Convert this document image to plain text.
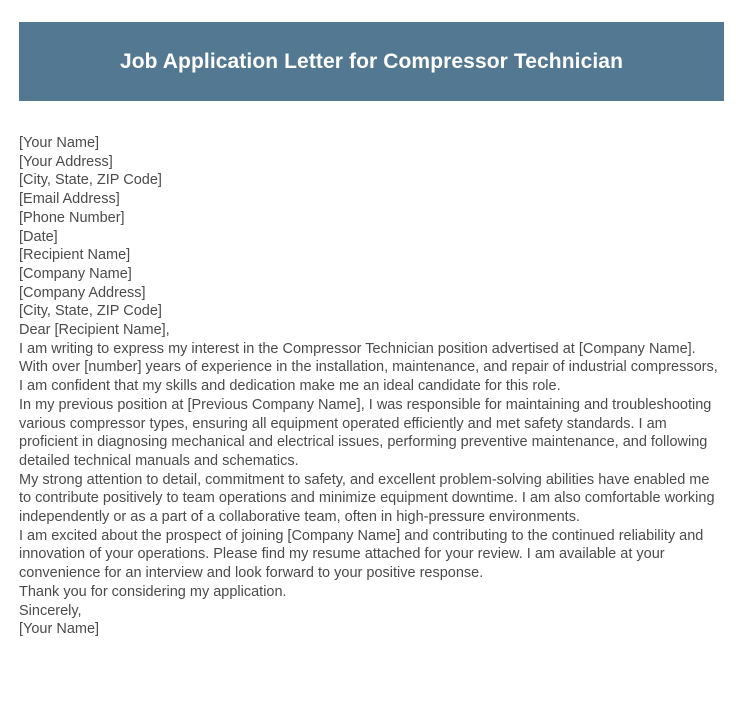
Job Application Letter for Compressor Technician
[Your Name]
[Your Address]
[City, State, ZIP Code]
[Email Address]
[Phone Number]
[Date]
[Recipient Name]
[Company Name]
[Company Address]
[City, State, ZIP Code]
Dear [Recipient Name],

I am writing to express my interest in the Compressor Technician position advertised at [Company Name]. With over [number] years of experience in the installation, maintenance, and repair of industrial compressors, I am confident that my skills and dedication make me an ideal candidate for this role.

In my previous position at [Previous Company Name], I was responsible for maintaining and troubleshooting various compressor types, ensuring all equipment operated efficiently and met safety standards. I am proficient in diagnosing mechanical and electrical issues, performing preventive maintenance, and following detailed technical manuals and schematics.

My strong attention to detail, commitment to safety, and excellent problem-solving abilities have enabled me to contribute positively to team operations and minimize equipment downtime. I am also comfortable working independently or as a part of a collaborative team, often in high-pressure environments.

I am excited about the prospect of joining [Company Name] and contributing to the continued reliability and innovation of your operations. Please find my resume attached for your review. I am available at your convenience for an interview and look forward to your positive response.

Thank you for considering my application.
Sincerely,
[Your Name]
